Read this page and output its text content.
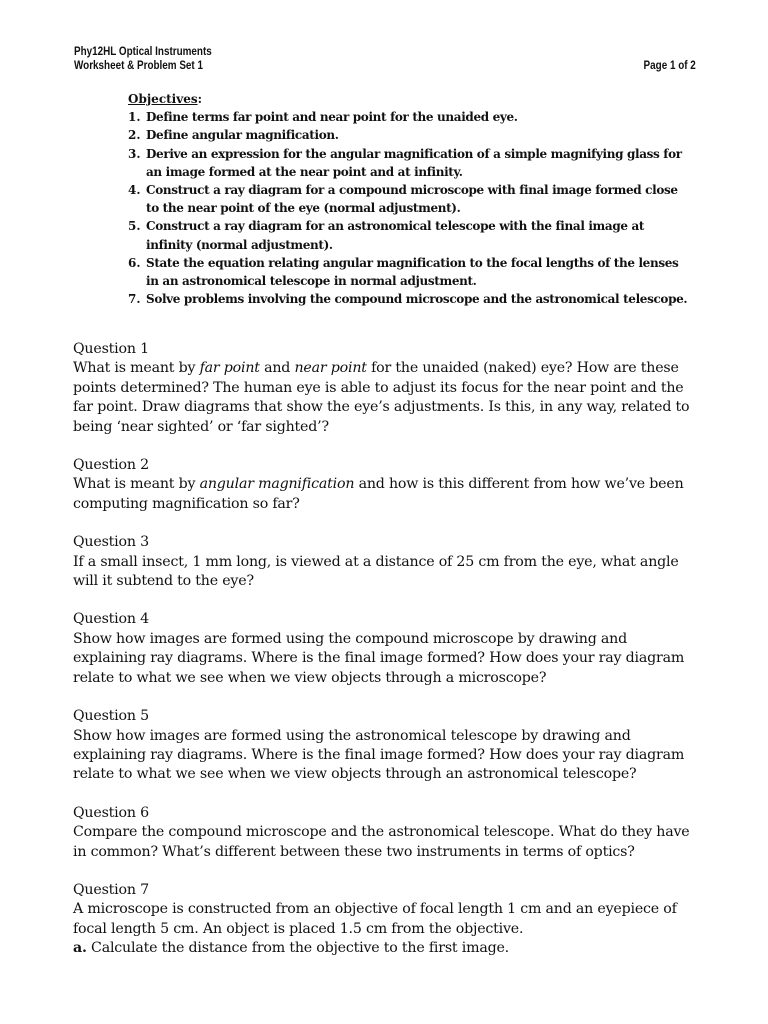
Phy12HL Optical Instruments
Worksheet & Problem Set 1	Page 1 of 2
Objectives:
1. Define terms far point and near point for the unaided eye.
2. Define angular magnification.
3. Derive an expression for the angular magnification of a simple magnifying glass for an image formed at the near point and at infinity.
4. Construct a ray diagram for a compound microscope with final image formed close to the near point of the eye (normal adjustment).
5. Construct a ray diagram for an astronomical telescope with the final image at infinity (normal adjustment).
6. State the equation relating angular magnification to the focal lengths of the lenses in an astronomical telescope in normal adjustment.
7. Solve problems involving the compound microscope and the astronomical telescope.
Question 1
What is meant by far point and near point for the unaided (naked) eye? How are these points determined? The human eye is able to adjust its focus for the near point and the far point. Draw diagrams that show the eye’s adjustments. Is this, in any way, related to being ‘near sighted’ or ‘far sighted’?
Question 2
What is meant by angular magnification and how is this different from how we’ve been computing magnification so far?
Question 3
If a small insect, 1 mm long, is viewed at a distance of 25 cm from the eye, what angle will it subtend to the eye?
Question 4
Show how images are formed using the compound microscope by drawing and explaining ray diagrams. Where is the final image formed? How does your ray diagram relate to what we see when we view objects through a microscope?
Question 5
Show how images are formed using the astronomical telescope by drawing and explaining ray diagrams. Where is the final image formed? How does your ray diagram relate to what we see when we view objects through an astronomical telescope?
Question 6
Compare the compound microscope and the astronomical telescope. What do they have in common? What’s different between these two instruments in terms of optics?
Question 7
A microscope is constructed from an objective of focal length 1 cm and an eyepiece of focal length 5 cm. An object is placed 1.5 cm from the objective.
a. Calculate the distance from the objective to the first image.
